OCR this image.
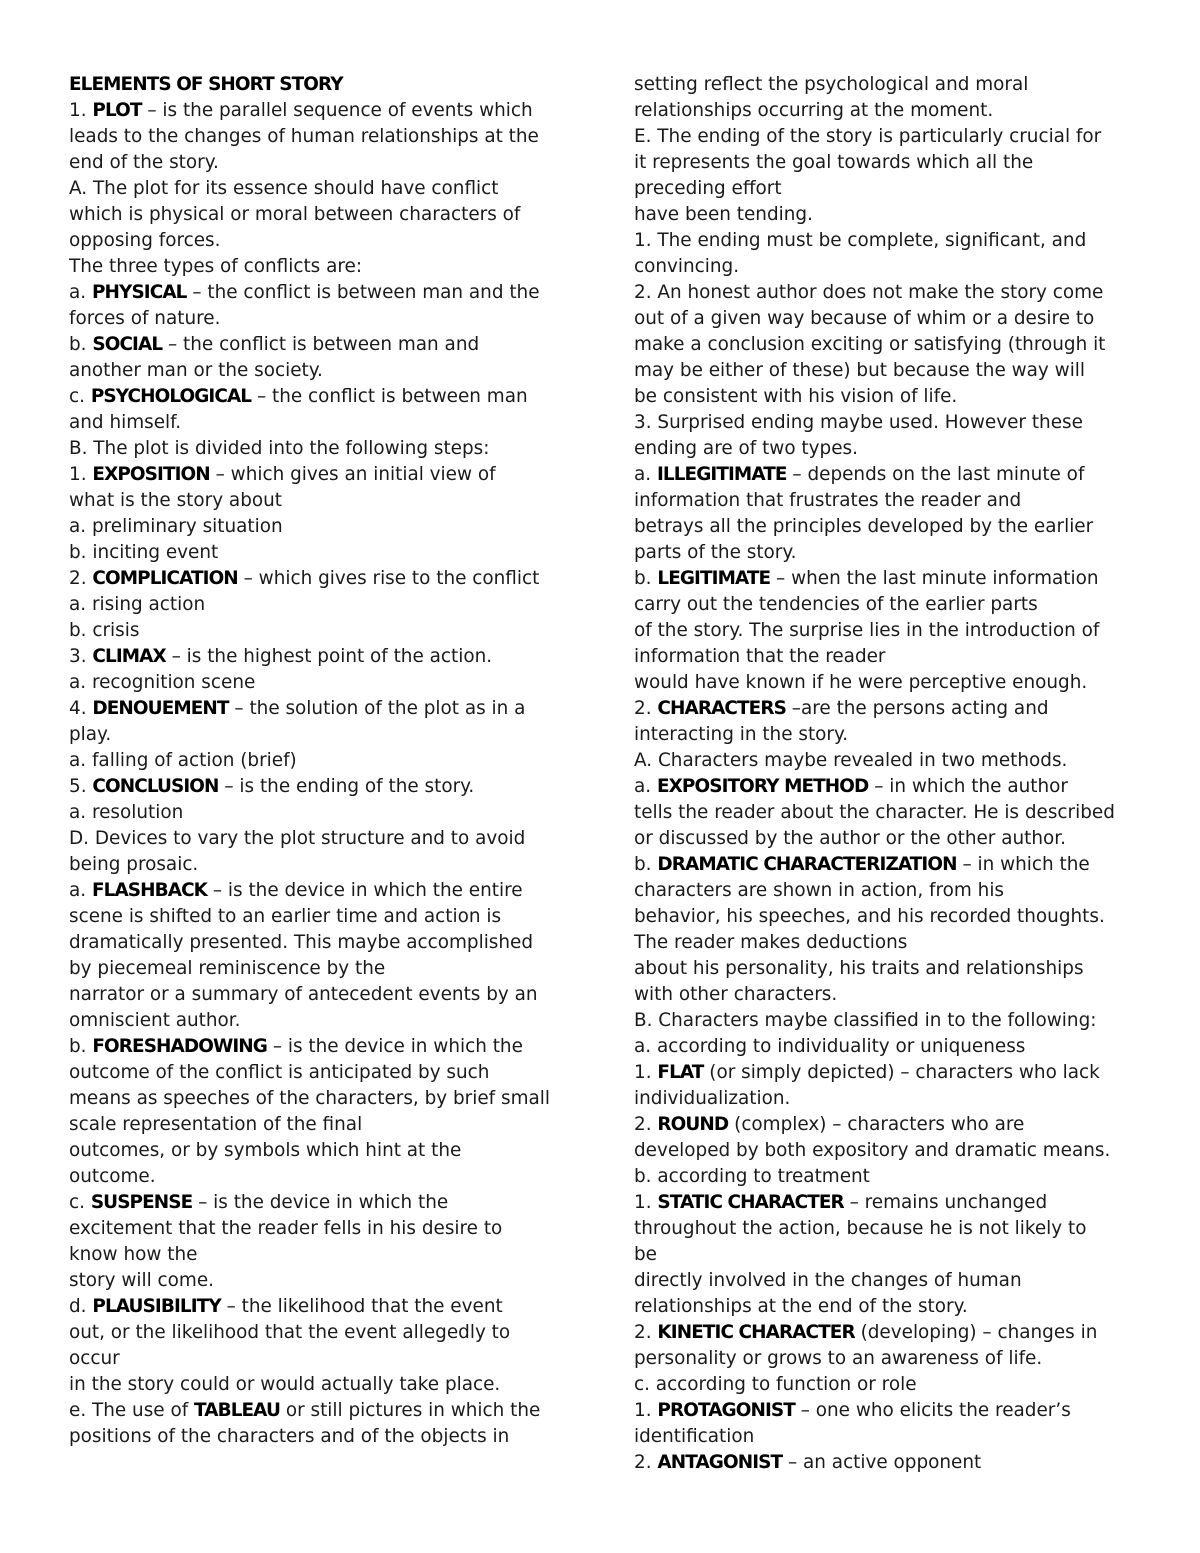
ELEMENTS OF SHORT STORY
1. PLOT – is the parallel sequence of events which
leads to the changes of human relationships at the
end of the story.
A. The plot for its essence should have conflict
which is physical or moral between characters of
opposing forces.
The three types of conflicts are:
a. PHYSICAL – the conflict is between man and the
forces of nature.
b. SOCIAL – the conflict is between man and
another man or the society.
c. PSYCHOLOGICAL – the conflict is between man
and himself.
B. The plot is divided into the following steps:
1. EXPOSITION – which gives an initial view of
what is the story about
a. preliminary situation
b. inciting event
2. COMPLICATION – which gives rise to the conflict
a. rising action
b. crisis
3. CLIMAX – is the highest point of the action.
a. recognition scene
4. DENOUEMENT – the solution of the plot as in a
play.
a. falling of action (brief)
5. CONCLUSION – is the ending of the story.
a. resolution
D. Devices to vary the plot structure and to avoid
being prosaic.
a. FLASHBACK – is the device in which the entire
scene is shifted to an earlier time and action is
dramatically presented. This maybe accomplished
by piecemeal reminiscence by the
narrator or a summary of antecedent events by an
omniscient author.
b. FORESHADOWING – is the device in which the
outcome of the conflict is anticipated by such
means as speeches of the characters, by brief small
scale representation of the final
outcomes, or by symbols which hint at the
outcome.
c. SUSPENSE – is the device in which the
excitement that the reader fells in his desire to
know how the
story will come.
d. PLAUSIBILITY – the likelihood that the event
out, or the likelihood that the event allegedly to
occur
in the story could or would actually take place.
e. The use of TABLEAU or still pictures in which the
positions of the characters and of the objects in
setting reflect the psychological and moral
relationships occurring at the moment.
E. The ending of the story is particularly crucial for
it represents the goal towards which all the
preceding effort
have been tending.
1. The ending must be complete, significant, and
convincing.
2. An honest author does not make the story come
out of a given way because of whim or a desire to
make a conclusion exciting or satisfying (through it
may be either of these) but because the way will
be consistent with his vision of life.
3. Surprised ending maybe used. However these
ending are of two types.
a. ILLEGITIMATE – depends on the last minute of
information that frustrates the reader and
betrays all the principles developed by the earlier
parts of the story.
b. LEGITIMATE – when the last minute information
carry out the tendencies of the earlier parts
of the story. The surprise lies in the introduction of
information that the reader
would have known if he were perceptive enough.
2. CHARACTERS –are the persons acting and
interacting in the story.
A. Characters maybe revealed in two methods.
a. EXPOSITORY METHOD – in which the author
tells the reader about the character. He is described
or discussed by the author or the other author.
b. DRAMATIC CHARACTERIZATION – in which the
characters are shown in action, from his
behavior, his speeches, and his recorded thoughts.
The reader makes deductions
about his personality, his traits and relationships
with other characters.
B. Characters maybe classified in to the following:
a. according to individuality or uniqueness
1. FLAT (or simply depicted) – characters who lack
individualization.
2. ROUND (complex) – characters who are
developed by both expository and dramatic means.
b. according to treatment
1. STATIC CHARACTER – remains unchanged
throughout the action, because he is not likely to
be
directly involved in the changes of human
relationships at the end of the story.
2. KINETIC CHARACTER (developing) – changes in
personality or grows to an awareness of life.
c. according to function or role
1. PROTAGONIST – one who elicits the reader’s
identification
2. ANTAGONIST – an active opponent
